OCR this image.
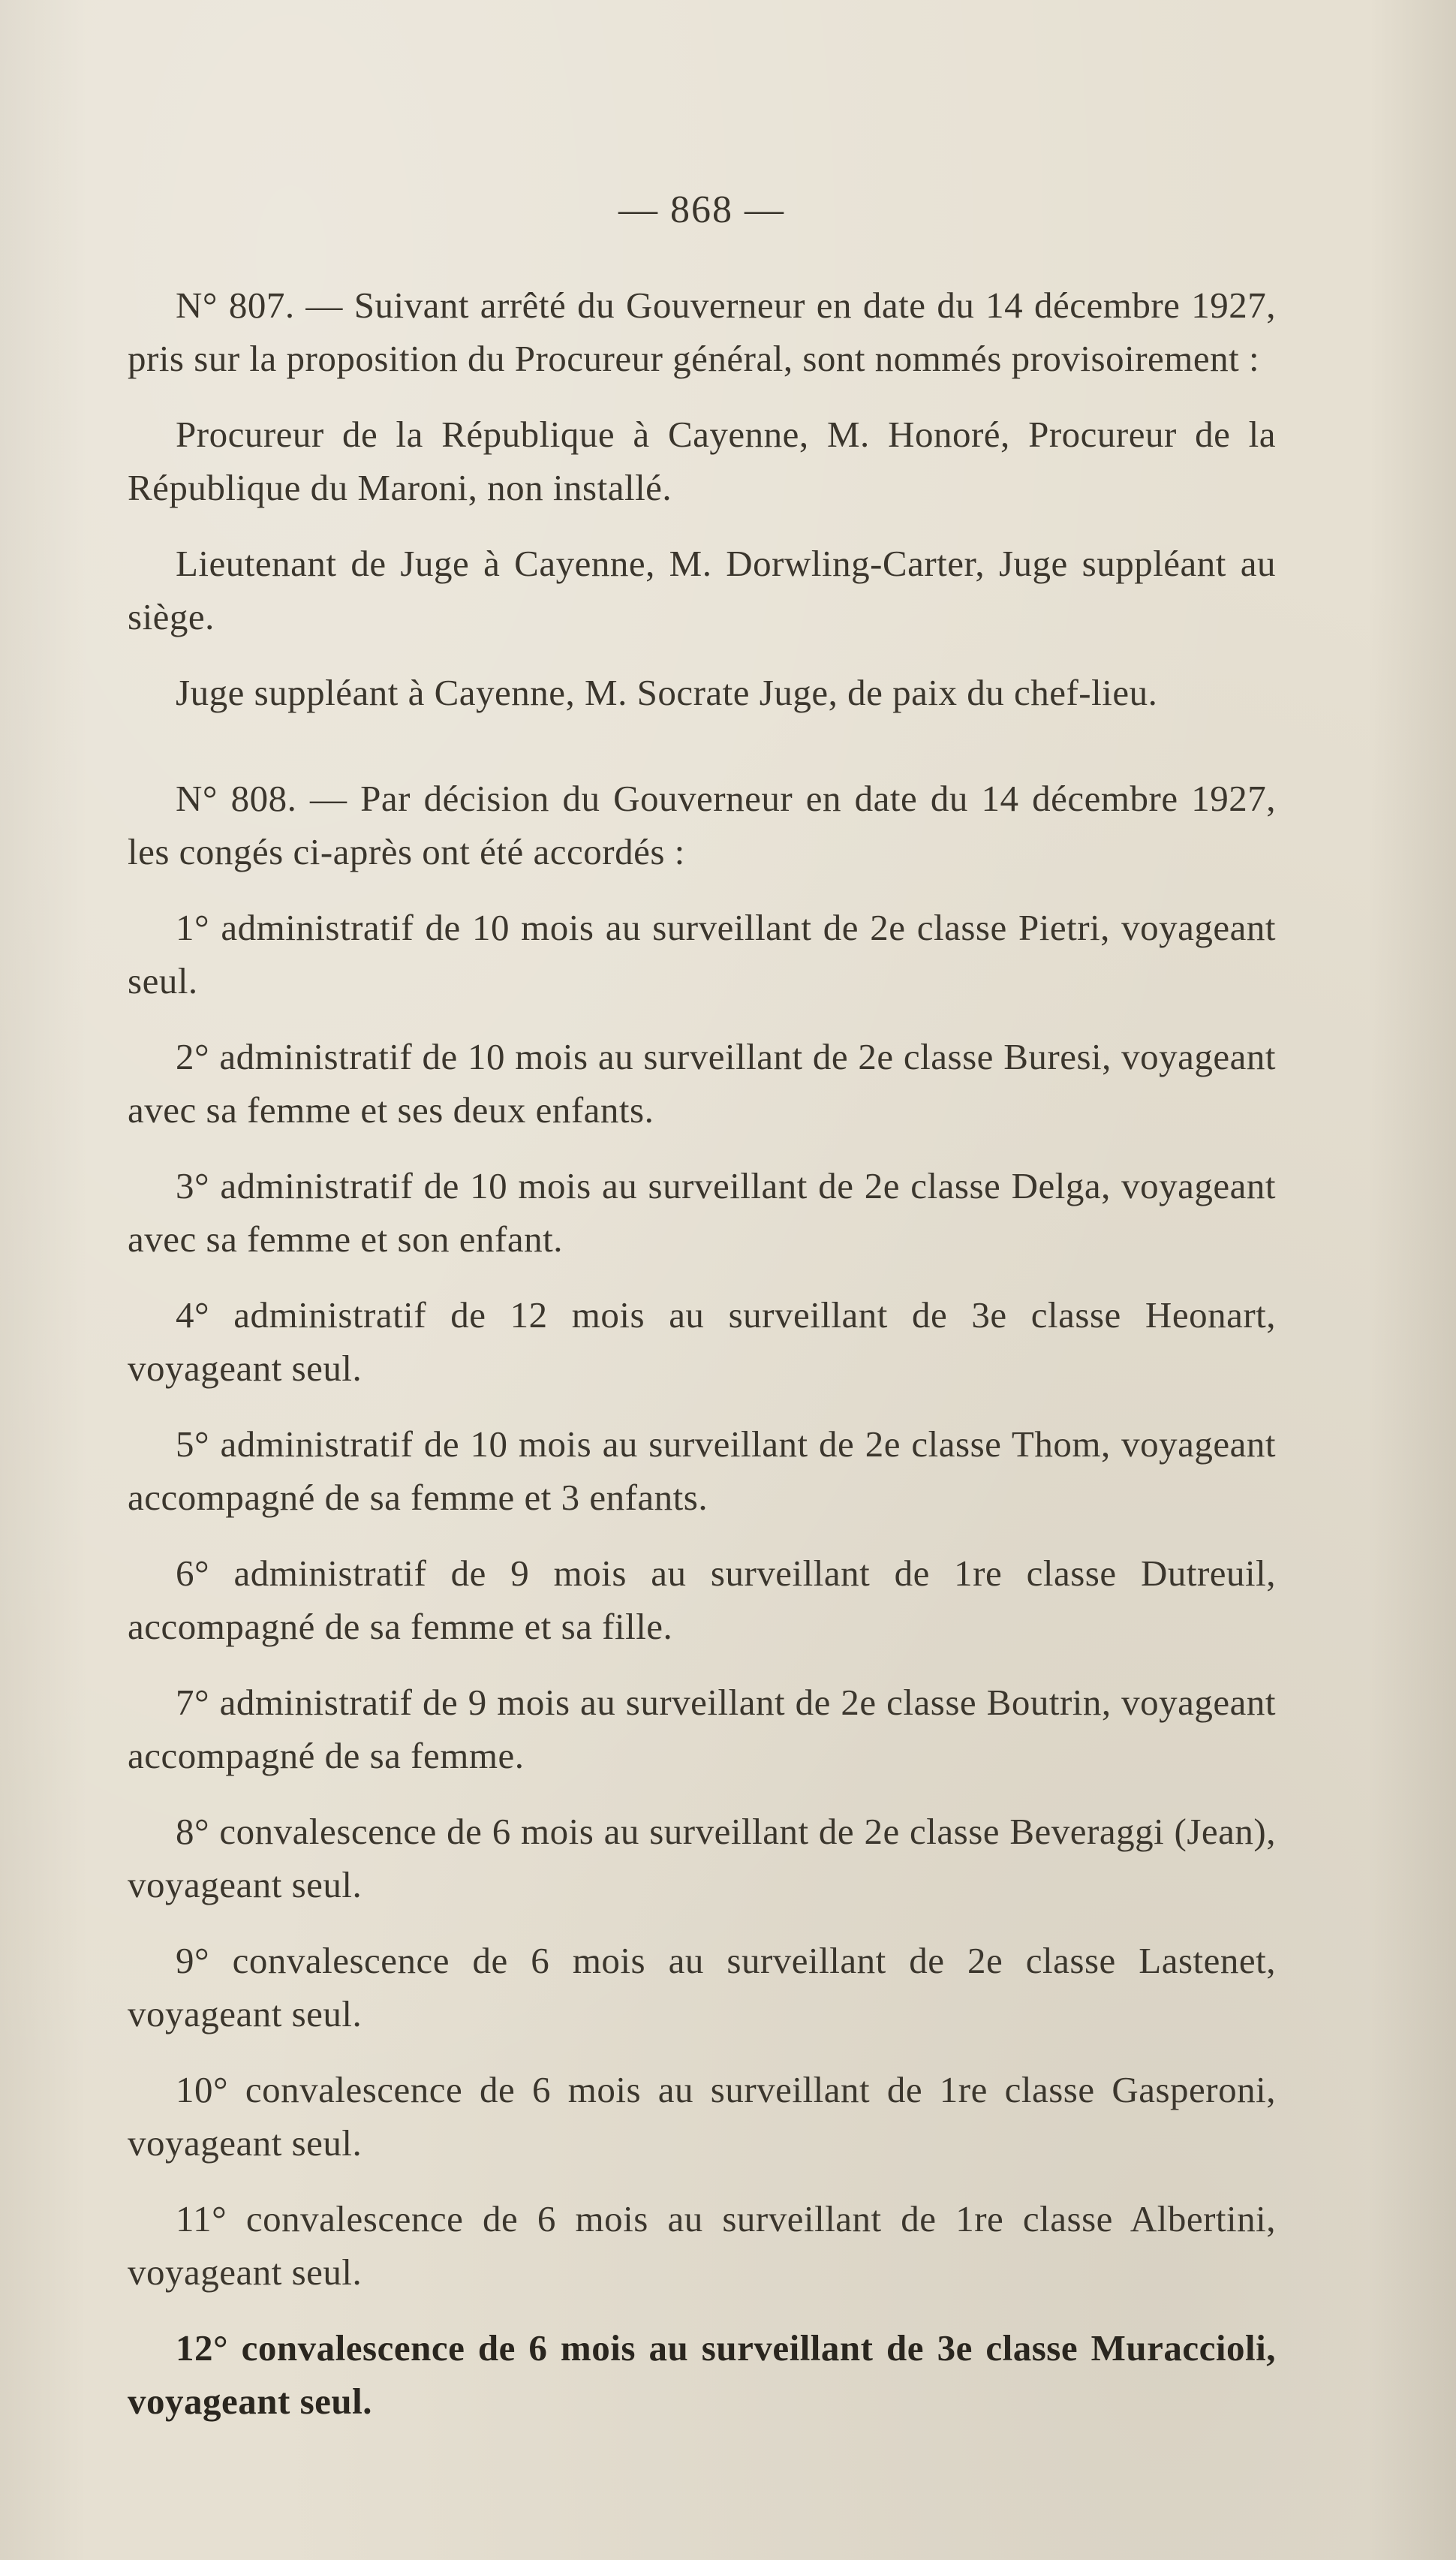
— 868 —

N° 807. — Suivant arrêté du Gouverneur en date du 14 décembre 1927, pris sur la proposition du Procureur général, sont nommés provisoirement :

Procureur de la République à Cayenne, M. Honoré, Procureur de la République du Maroni, non installé.

Lieutenant de Juge à Cayenne, M. Dorwling-Carter, Juge suppléant au siège.

Juge suppléant à Cayenne, M. Socrate Juge, de paix du chef-lieu.

N° 808. — Par décision du Gouverneur en date du 14 décembre 1927, les congés ci-après ont été accordés :

1° administratif de 10 mois au surveillant de 2e classe Pietri, voyageant seul.

2° administratif de 10 mois au surveillant de 2e classe Buresi, voyageant avec sa femme et ses deux enfants.

3° administratif de 10 mois au surveillant de 2e classe Delga, voyageant avec sa femme et son enfant.

4° administratif de 12 mois au surveillant de 3e classe Heonart, voyageant seul.

5° administratif de 10 mois au surveillant de 2e classe Thom, voyageant accompagné de sa femme et 3 enfants.

6° administratif de 9 mois au surveillant de 1re classe Dutreuil, accompagné de sa femme et sa fille.

7° administratif de 9 mois au surveillant de 2e classe Boutrin, voyageant accompagné de sa femme.

8° convalescence de 6 mois au surveillant de 2e classe Beveraggi (Jean), voyageant seul.

9° convalescence de 6 mois au surveillant de 2e classe Lastenet, voyageant seul.

10° convalescence de 6 mois au surveillant de 1re classe Gasperoni, voyageant seul.

11° convalescence de 6 mois au surveillant de 1re classe Albertini, voyageant seul.

12° convalescence de 6 mois au surveillant de 3e classe Muraccioli, voyageant seul.
